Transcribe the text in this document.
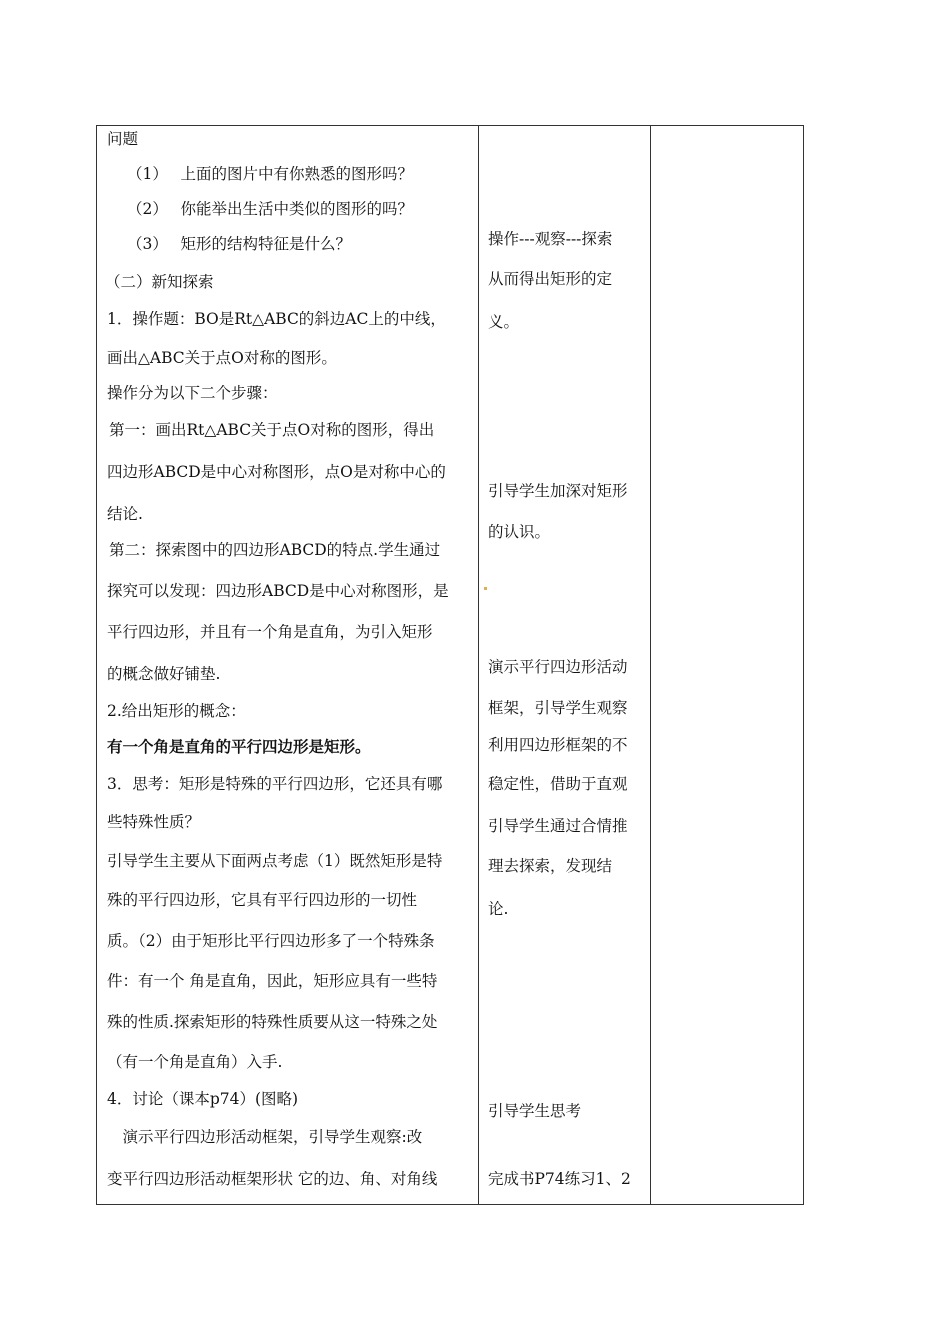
问题
（1）　 上面的图片中有你熟悉的图形吗？
（2）　 你能举出生活中类似的图形的吗？
（3）　 矩形的结构特征是什么？
（二）新知探索
1．操作题：BO是Rt△ABC的斜边AC上的中线，
画出△ABC关于点O对称的图形。
操作分为以下二个步骤：
第一：画出Rt△ABC关于点O对称的图形，得出
四边形ABCD是中心对称图形，点O是对称中心的
结论.
第二：探索图中的四边形ABCD的特点.学生通过
探究可以发现：四边形ABCD是中心对称图形，是
平行四边形，并且有一个角是直角，为引入矩形
的概念做好铺垫.
2.给出矩形的概念：
有一个角是直角的平行四边形是矩形。
3．思考：矩形是特殊的平行四边形，它还具有哪
些特殊性质？
引导学生主要从下面两点考虑（1）既然矩形是特
殊的平行四边形，它具有平行四边形的一切性
质。（2）由于矩形比平行四边形多了一个特殊条
件：有一个 角是直角，因此，矩形应具有一些特
殊的性质.探索矩形的特殊性质要从这一特殊之处
（有一个角是直角）入手.
4．讨论（课本p74）(图略)
　演示平行四边形活动框架，引导学生观察:改
变平行四边形活动框架形状 它的边、角、对角线
操作---观察---探索
从而得出矩形的定
义。
引导学生加深对矩形
的认识。
演示平行四边形活动
框架，引导学生观察
利用四边形框架的不
稳定性，借助于直观
引导学生通过合情推
理去探索，发现结
论.
引导学生思考
完成书P74练习1、2
